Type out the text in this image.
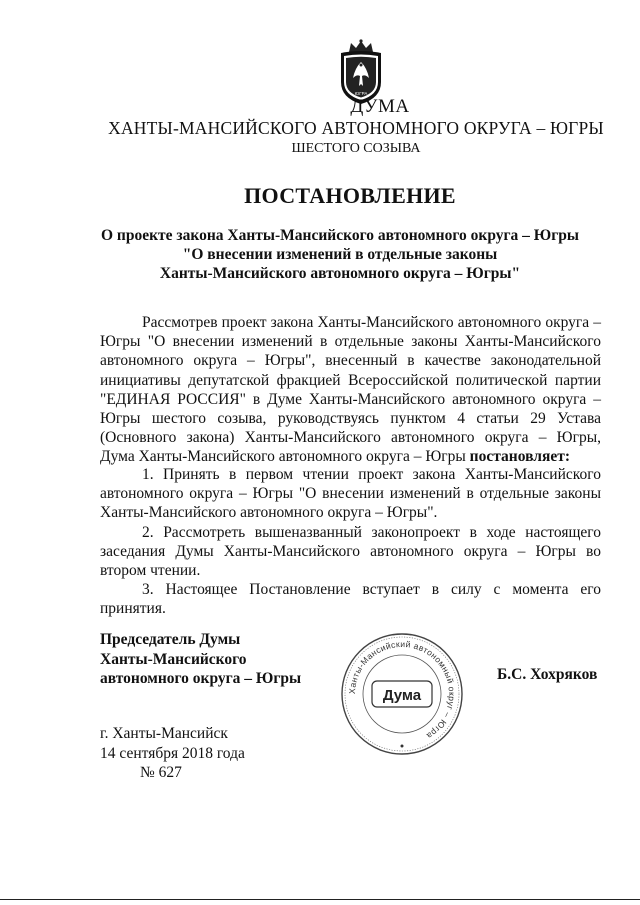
ЮГРА
ДУМА
ХАНТЫ-МАНСИЙСКОГО АВТОНОМНОГО ОКРУГА – ЮГРЫ
ШЕСТОГО СОЗЫВА
ПОСТАНОВЛЕНИЕ
О проекте закона Ханты-Мансийского автономного округа – Югры
"О внесении изменений в отдельные законы
Ханты-Мансийского автономного округа – Югры"

Рассмотрев проект закона Ханты-Мансийского автономного округа – Югры "О внесении изменений в отдельные законы Ханты-Мансийского автономного округа – Югры", внесенный в качестве законодательной инициативы депутатской фракцией Всероссийской политической партии "ЕДИНАЯ РОССИЯ" в Думе Ханты-Мансийского автономного округа – Югры шестого созыва, руководствуясь пунктом 4 статьи 29 Устава (Основного закона) Ханты-Мансийского автономного округа – Югры, Дума Ханты-Мансийского автономного округа – Югры постановляет:

1. Принять в первом чтении проект закона Ханты-Мансийского автономного округа – Югры "О внесении изменений в отдельные законы Ханты-Мансийского автономного округа – Югры".

2. Рассмотреть вышеназванный законопроект в ходе настоящего заседания Думы Ханты-Мансийского автономного округа – Югры во втором чтении.

3. Настоящее Постановление вступает в силу с момента его принятия.

Председатель Думы
Ханты-Мансийского
автономного округа – Югры
Ханты-Мансийский автономный округ – Югра
Дума
Б.С. Хохряков
г. Ханты-Мансийск
14 сентября 2018 года
№ 627
